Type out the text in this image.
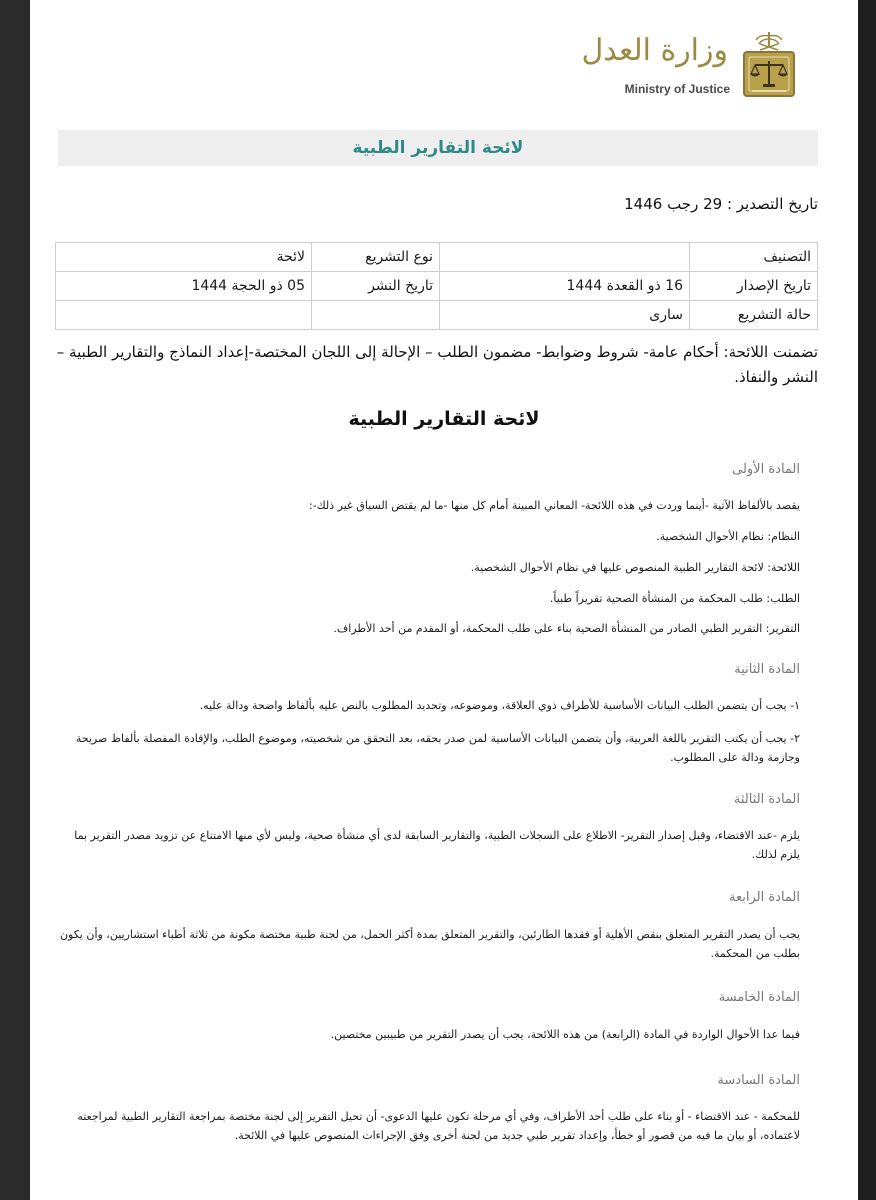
وزارة العدل
Ministry of Justice
لائحة التقارير الطبية
تاريخ التصدير : 29 رجب 1446
التصنيف		نوع التشريع	لائحة
تاريخ الإصدار	16 ذو القعدة 1444	تاريخ النشر	05 ذو الحجة 1444
حالة التشريع	سارى		
تضمنت اللائحة: أحكام عامة- شروط وضوابط- مضمون الطلب – الإحالة إلى اللجان المختصة-إعداد النماذج والتقارير الطبية –النشر والنفاذ.
لائحة التقارير الطبية
المادة الأولى
يقصد بالألفاظ الآتية -أينما وردت في هذه اللائحة- المعاني المبينة أمام كل منها -ما لم يقتض السياق غير ذلك-:
النظام: نظام الأحوال الشخصية.
اللائحة: لائحة التقارير الطبية المنصوص عليها في نظام الأحوال الشخصية.
الطلب: طلب المحكمة من المنشأة الصحية تقريراً طبياً.
التقرير: التقرير الطبي الصادر من المنشأة الصحية بناء على طلب المحكمة، أو المقدم من أحد الأطراف.
المادة الثانية
١- يجب أن يتضمن الطلب البيانات الأساسية للأطراف ذوي العلاقة، وموضوعه، وتحديد المطلوب بالنص عليه بألفاظ واضحة ودالة عليه.
٢- يجب أن يكتب التقرير باللغة العربية، وأن يتضمن البيانات الأساسية لمن صدر بحقه، بعد التحقق من شخصيته، وموضوع الطلب، والإفادة المفصلة بألفاظ صريحة وجازمة ودالة على المطلوب.
المادة الثالثة
يلزم -عند الاقتضاء، وقبل إصدار التقرير- الاطلاع على السجلات الطبية، والتقارير السابقة لدى أي منشأة صحية، وليس لأي منها الامتناع عن تزويد مصدر التقرير بما يلزم لذلك.
المادة الرابعة
يجب أن يصدر التقرير المتعلق بنقص الأهلية أو فقدها الطارئين، والتقرير المتعلق بمدة أكثر الحمل، من لجنة طبية مختصة مكونة من ثلاثة أطباء استشاريين، وأن يكون بطلب من المحكمة.
المادة الخامسة
فيما عدا الأحوال الواردة في المادة (الرابعة) من هذه اللائحة، يجب أن يصدر التقرير من طبيبين مختصين.
المادة السادسة
للمحكمة - عند الاقتضاء - أو بناء على طلب أحد الأطراف، وفي أي مرحلة تكون عليها الدعوى- أن تحيل التقرير إلى لجنة مختصة بمراجعة التقارير الطبية لمراجعته لاعتماده، أو بيان ما فيه من قصور أو خطأ، وإعداد تقرير طبي جديد من لجنة أخرى وفق الإجراءات المنصوص عليها في اللائحة.
